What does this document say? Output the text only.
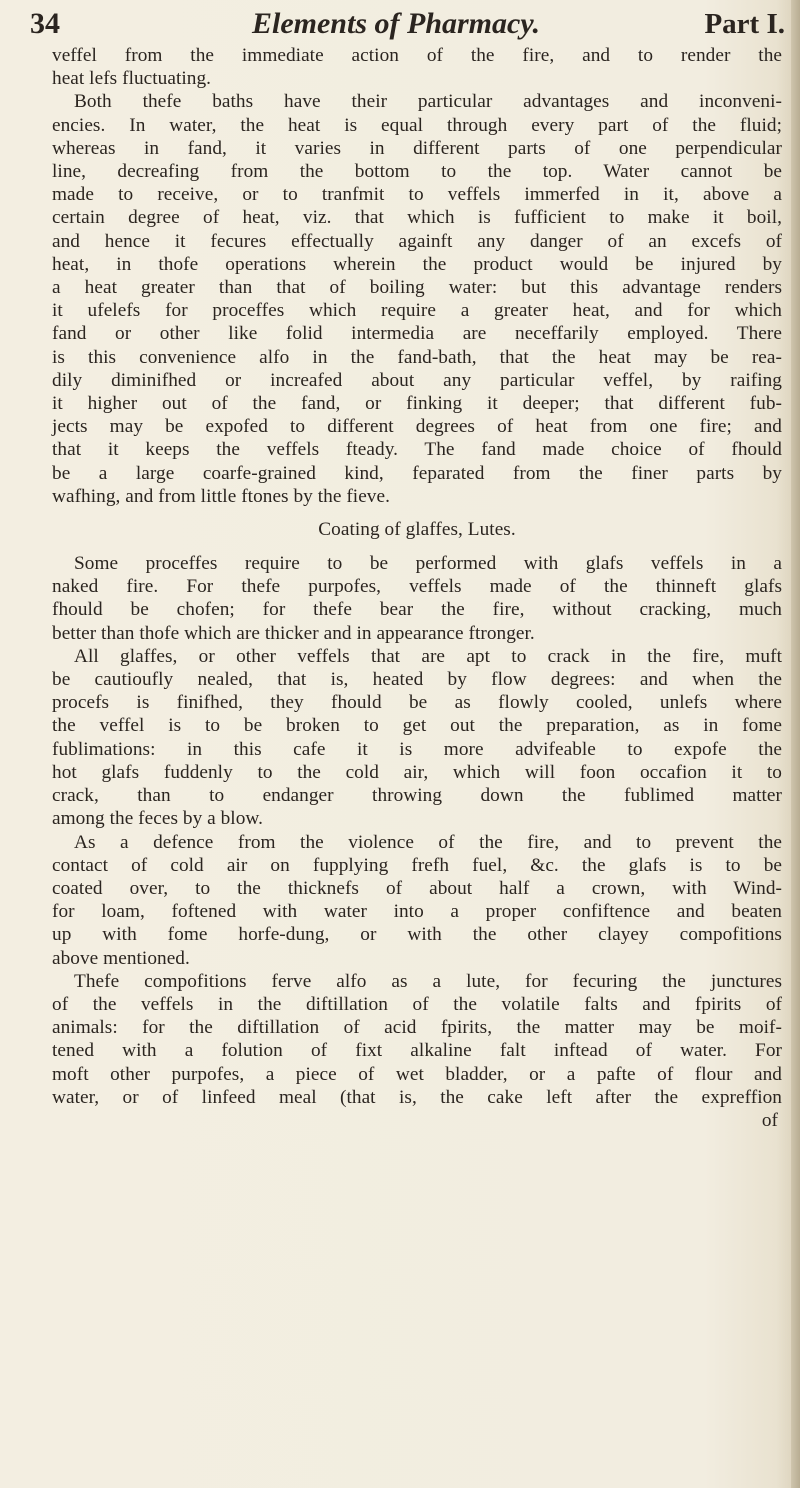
34	Elements of Pharmacy.	Part I.

veffel from the immediate action of the fire, and to render the

heat lefs fluctuating.

Both thefe baths have their particular advantages and inconveni-

encies. In water, the heat is equal through every part of the fluid;

whereas in fand, it varies in different parts of one perpendicular

line, decreafing from the bottom to the top. Water cannot be

made to receive, or to tranfmit to veffels immerfed in it, above a

certain degree of heat, viz. that which is fufficient to make it boil,

and hence it fecures effectually againft any danger of an excefs of

heat, in thofe operations wherein the product would be injured by

a heat greater than that of boiling water: but this advantage renders

it ufelefs for proceffes which require a greater heat, and for which

fand or other like folid intermedia are neceffarily employed. There

is this convenience alfo in the fand-bath, that the heat may be rea-

dily diminifhed or increafed about any particular veffel, by raifing

it higher out of the fand, or finking it deeper; that different fub-

jects may be expofed to different degrees of heat from one fire; and

that it keeps the veffels fteady. The fand made choice of fhould

be a large coarfe-grained kind, feparated from the finer parts by

wafhing, and from little ftones by the fieve.

Coating of glaffes, Lutes.

Some proceffes require to be performed with glafs veffels in a

naked fire. For thefe purpofes, veffels made of the thinneft glafs

fhould be chofen; for thefe bear the fire, without cracking, much

better than thofe which are thicker and in appearance ftronger.

All glaffes, or other veffels that are apt to crack in the fire, muft

be cautioufly nealed, that is, heated by flow degrees: and when the

procefs is finifhed, they fhould be as flowly cooled, unlefs where

the veffel is to be broken to get out the preparation, as in fome

fublimations: in this cafe it is more advifeable to expofe the

hot glafs fuddenly to the cold air, which will foon occafion it to

crack, than to endanger throwing down the fublimed matter

among the feces by a blow.

As a defence from the violence of the fire, and to prevent the

contact of cold air on fupplying frefh fuel, &c. the glafs is to be

coated over, to the thicknefs of about half a crown, with Wind-

for loam, foftened with water into a proper confiftence and beaten

up with fome horfe-dung, or with the other clayey compofitions

above mentioned.

Thefe compofitions ferve alfo as a lute, for fecuring the junctures

of the veffels in the diftillation of the volatile falts and fpirits of

animals: for the diftillation of acid fpirits, the matter may be moif-

tened with a folution of fixt alkaline falt inftead of water. For

moft other purpofes, a piece of wet bladder, or a pafte of flour and

water, or of linfeed meal (that is, the cake left after the expreffion

of
